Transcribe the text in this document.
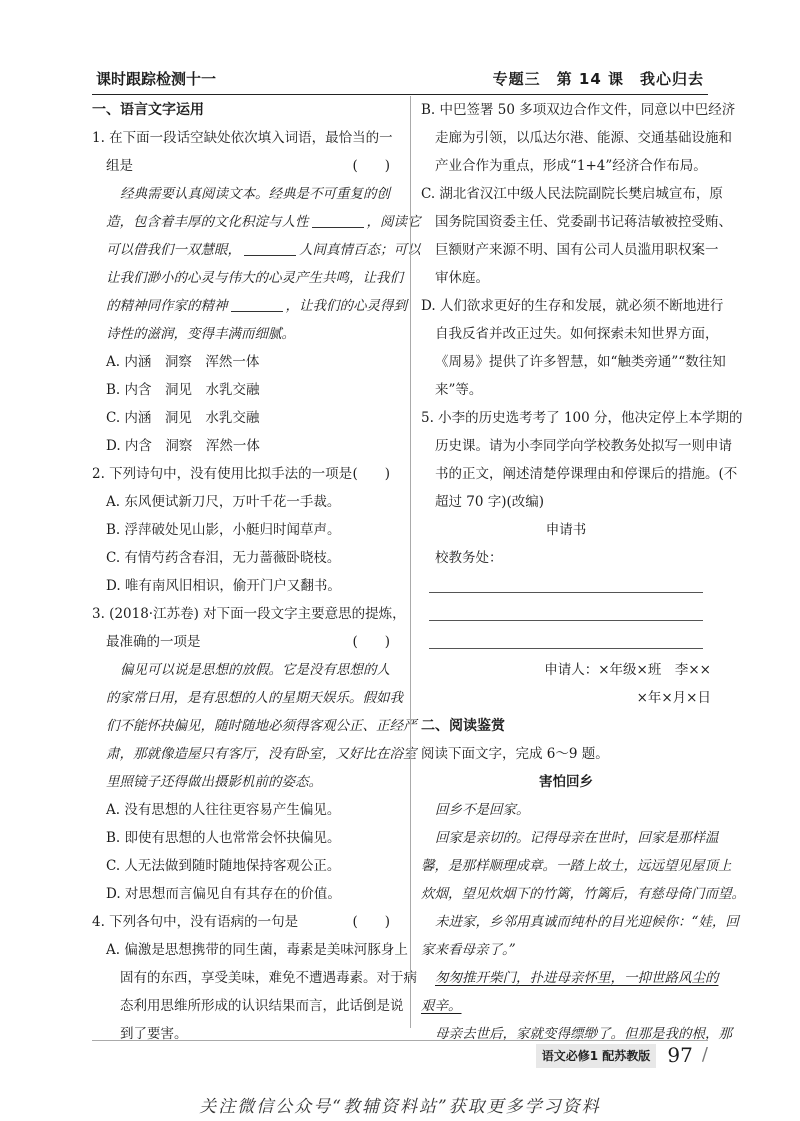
课时跟踪检测十一	专题三　第 14 课　我心归去
一、语言文字运用
1. 在下面一段话空缺处依次填入词语，最恰当的一
组是	(　　)
经典需要认真阅读文本。经典是不可重复的创
造，包含着丰厚的文化积淀与人性	，阅读它
可以借我们一双慧眼，	人间真情百态；可以
让我们渺小的心灵与伟大的心灵产生共鸣，让我们
的精神同作家的精神	，让我们的心灵得到
诗性的滋润，变得丰满而细腻。
A. 内涵　洞察　浑然一体
B. 内含　洞见　水乳交融
C. 内涵　洞见　水乳交融
D. 内含　洞察　浑然一体
2. 下列诗句中，没有使用比拟手法的一项是 (　　)
A. 东风便试新刀尺，万叶千花一手裁。
B. 浮萍破处见山影，小艇归时闻草声。
C. 有情芍药含春泪，无力蔷薇卧晓枝。
D. 唯有南风旧相识，偷开门户又翻书。
3. (2018·江苏卷) 对下面一段文字主要意思的提炼，
最准确的一项是	(　　)
偏见可以说是思想的放假。它是没有思想的人
的家常日用，是有思想的人的星期天娱乐。假如我
们不能怀抉偏见，随时随地必须得客观公正、正经严
肃，那就像造屋只有客厅，没有卧室，又好比在浴室
里照镜子还得做出摄影机前的姿态。
A. 没有思想的人往往更容易产生偏见。
B. 即使有思想的人也常常会怀抉偏见。
C. 人无法做到随时随地保持客观公正。
D. 对思想而言偏见自有其存在的价值。
4. 下列各句中，没有语病的一句是	(　　)
A. 偏激是思想携带的同生菌，毒素是美味河豚身上
固有的东西，享受美味，难免不遭遇毒素。对于病
态利用思维所形成的认识结果而言，此话倒是说
到了要害。
B. 中巴签署 50 多项双边合作文件，同意以中巴经济
走廊为引领，以瓜达尔港、能源、交通基础设施和
产业合作为重点，形成“1+4”经济合作布局。
C. 湖北省汉江中级人民法院副院长樊启城宣布，原
国务院国资委主任、党委副书记蒋洁敏被控受贿、
巨额财产来源不明、国有公司人员滥用职权案一
审休庭。
D. 人们欲求更好的生存和发展，就必须不断地进行
自我反省并改正过失。如何探索未知世界方面，
《周易》提供了许多智慧，如“触类旁通”“数往知
来”等。
5. 小李的历史选考考了 100 分，他决定停上本学期的
历史课。请为小李同学向学校教务处拟写一则申请
书的正文，阐述清楚停课理由和停课后的措施。(不
超过 70 字)(改编)
申请书
校教务处：
申请人：×年级×班　李××
×年×月×日
二、阅读鉴赏
阅读下面文字，完成 6～9 题。
害怕回乡
回乡不是回家。
回家是亲切的。记得母亲在世时，回家是那样温
馨，是那样顺理成章。一踏上故土，远远望见屋顶上
炊烟，望见炊烟下的竹篱，竹篱后，有慈母倚门而望。
未进家，乡邻用真诚而纯朴的目光迎候你：“娃，回
家来看母亲了。”
匆匆推开柴门，扑进母亲怀里，一抑世路风尘的
艰辛。
母亲去世后，家就变得缥缈了。但那是我的根，那
语文必修1 配苏教版 97 /
关注微信公众号“教辅资料站”获取更多学习资料
